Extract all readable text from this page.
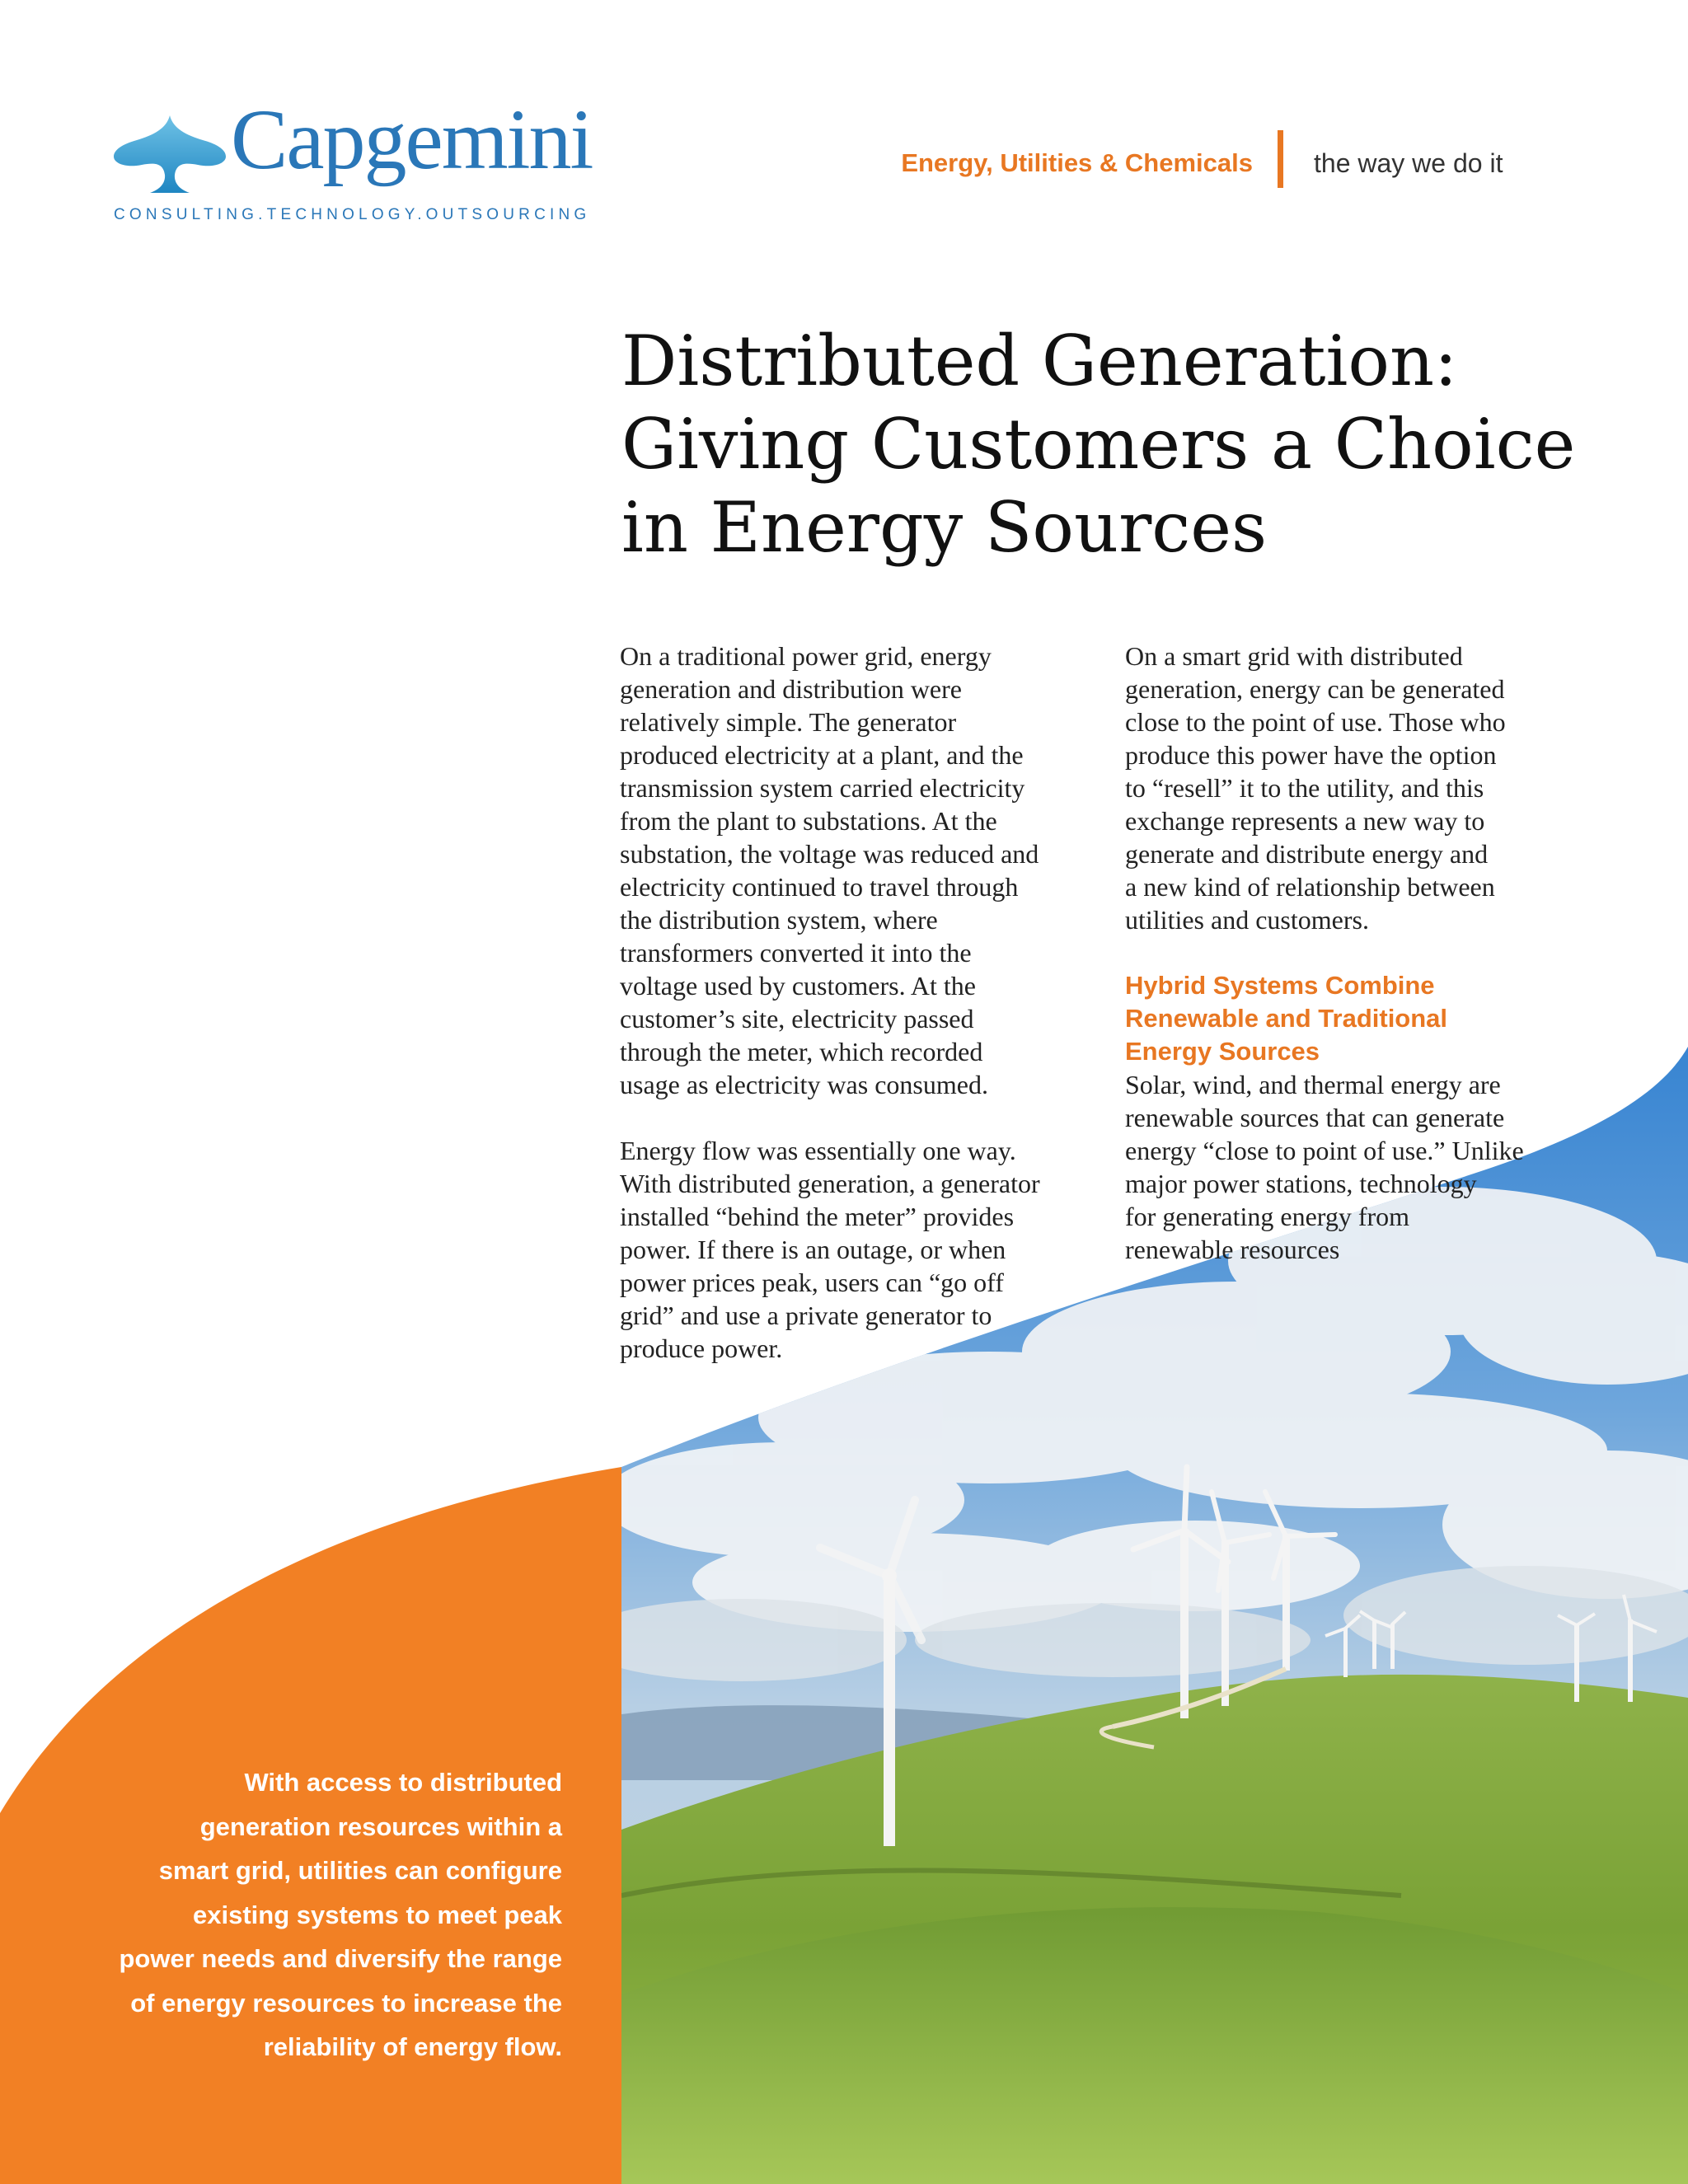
Capgemini
CONSULTING.TECHNOLOGY.OUTSOURCING
Energy, Utilities & Chemicals the way we do it
Distributed Generation:
Giving Customers a Choice
in Energy Sources

On a traditional power grid, energy
generation and distribution were
relatively simple. The generator
produced electricity at a plant, and the
transmission system carried electricity
from the plant to substations. At the
substation, the voltage was reduced and
electricity continued to travel through
the distribution system, where
transformers converted it into the
voltage used by customers. At the
customer’s site, electricity passed
through the meter, which recorded
usage as electricity was consumed.

Energy flow was essentially one way.
With distributed generation, a generator
installed “behind the meter” provides
power. If there is an outage, or when
power prices peak, users can “go off
grid” and use a private generator to
produce power.

On a smart grid with distributed
generation, energy can be generated
close to the point of use. Those who
produce this power have the option
to “resell” it to the utility, and this
exchange represents a new way to
generate and distribute energy and
a new kind of relationship between
utilities and customers.

Hybrid Systems Combine
Renewable and Traditional
Energy Sources

Solar, wind, and thermal energy are
renewable sources that can generate
energy “close to point of use.” Unlike
major power stations, technology
for generating energy from
renewable resources

With access to distributed
generation resources within a
smart grid, utilities can configure
existing systems to meet peak
power needs and diversify the range
of energy resources to increase the
reliability of energy flow.
